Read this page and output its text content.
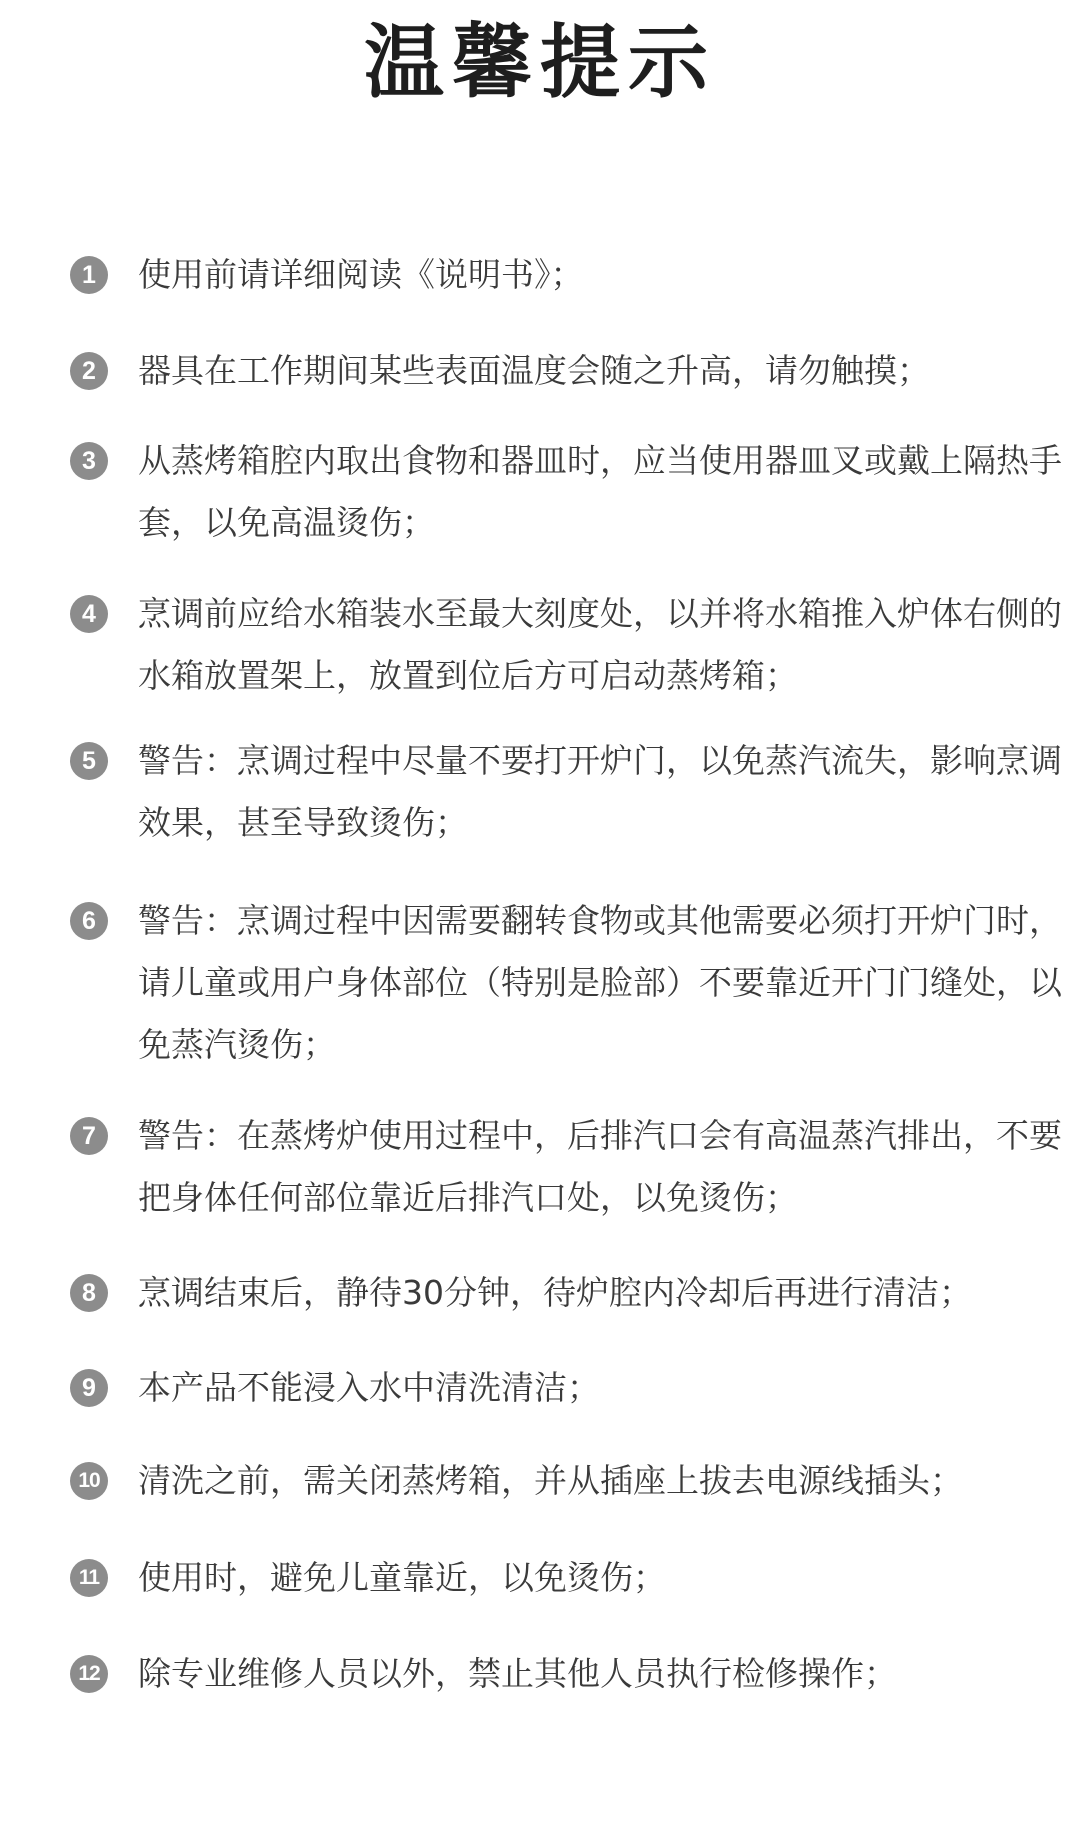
温馨提示
1	使用前请详细阅读《说明书》；
2	器具在工作期间某些表面温度会随之升高，请勿触摸；
3	从蒸烤箱腔内取出食物和器皿时，应当使用器皿叉或戴上隔热手套，以免高温烫伤；
4	烹调前应给水箱装水至最大刻度处，以并将水箱推入炉体右侧的水箱放置架上，放置到位后方可启动蒸烤箱；
5	警告：烹调过程中尽量不要打开炉门，以免蒸汽流失，影响烹调效果，甚至导致烫伤；
6	警告：烹调过程中因需要翻转食物或其他需要必须打开炉门时，请儿童或用户身体部位（特别是脸部）不要靠近开门门缝处，以免蒸汽烫伤；
7	警告：在蒸烤炉使用过程中，后排汽口会有高温蒸汽排出，不要把身体任何部位靠近后排汽口处，以免烫伤；
8	烹调结束后，静待30分钟，待炉腔内冷却后再进行清洁；
9	本产品不能浸入水中清洗清洁；
10 清洗之前，需关闭蒸烤箱，并从插座上拔去电源线插头；
11 使用时，避免儿童靠近，以免烫伤；
12 除专业维修人员以外，禁止其他人员执行检修操作；
